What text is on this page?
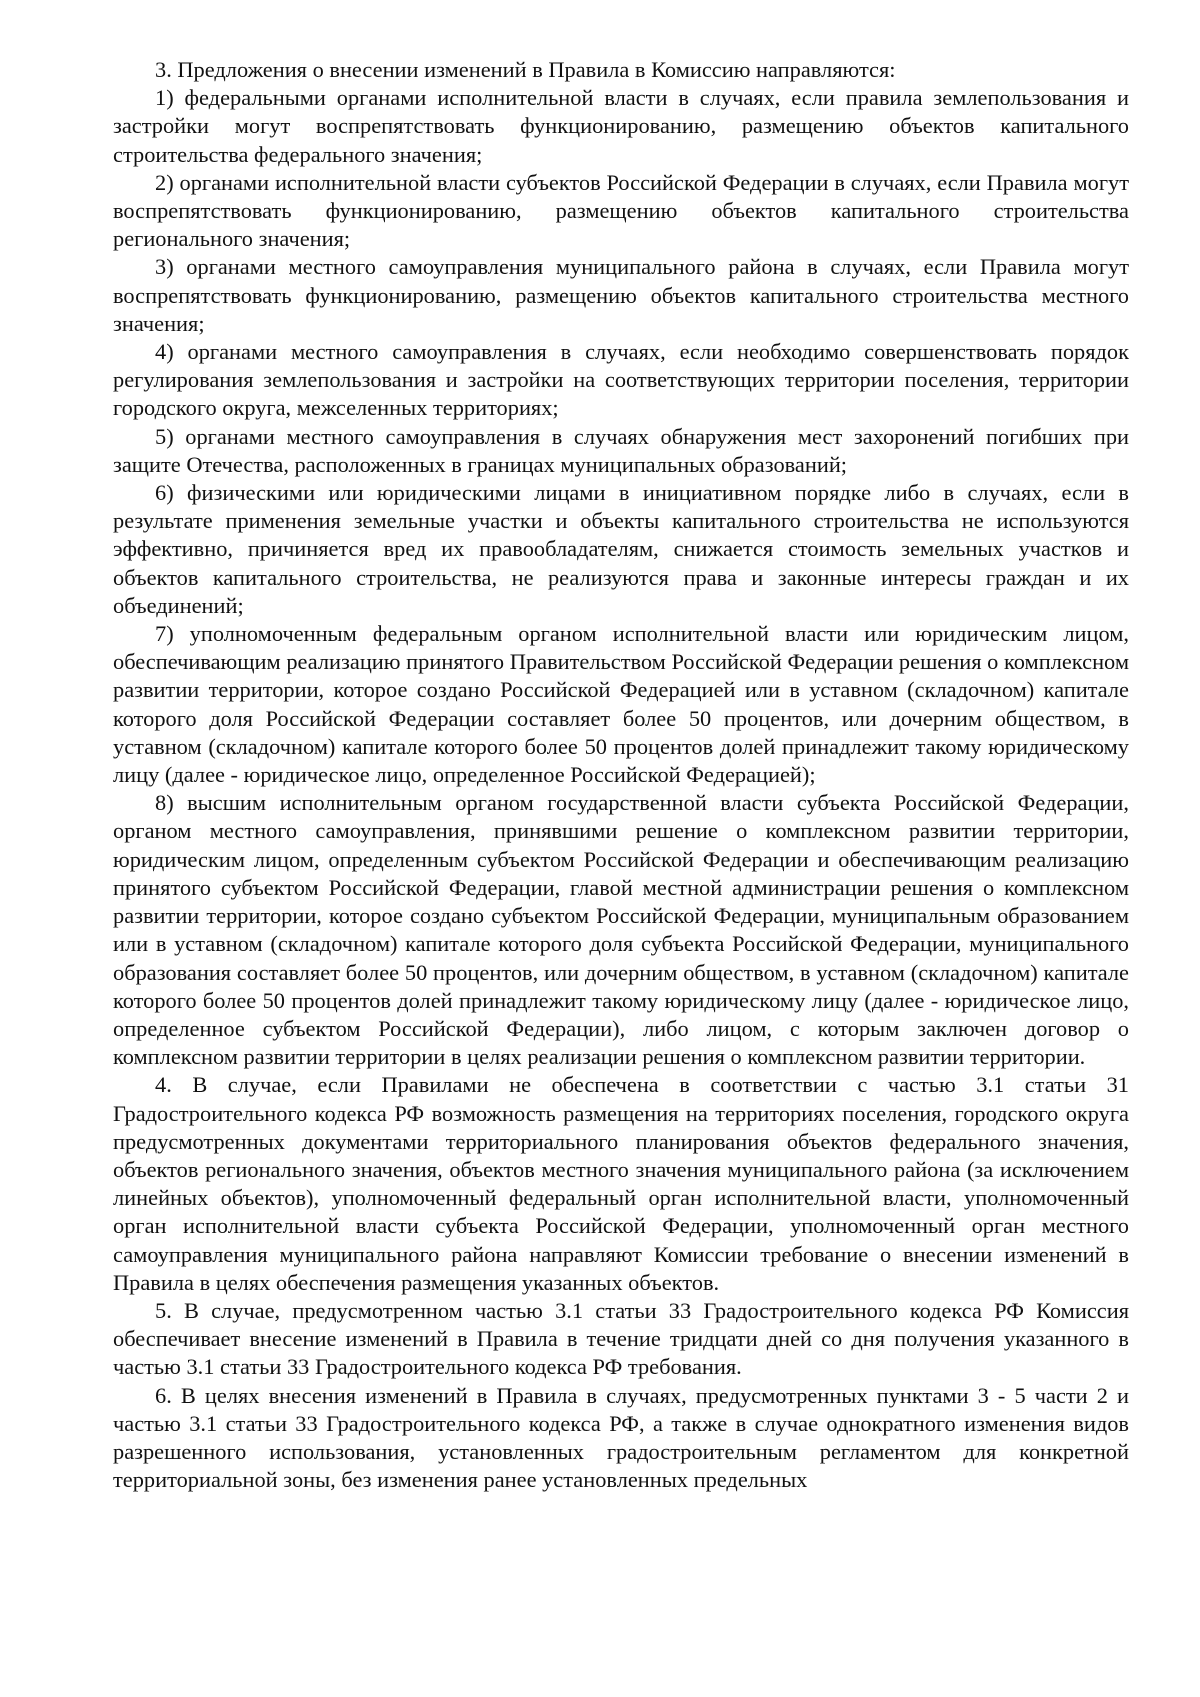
3. Предложения о внесении изменений в Правила в Комиссию направляются:

1) федеральными органами исполнительной власти в случаях, если правила землепользования и застройки могут воспрепятствовать функционированию, размещению объектов капитального строительства федерального значения;

2) органами исполнительной власти субъектов Российской Федерации в случаях, если Правила могут воспрепятствовать функционированию, размещению объектов капитального строительства регионального значения;

3) органами местного самоуправления муниципального района в случаях, если Правила могут воспрепятствовать функционированию, размещению объектов капитального строительства местного значения;

4) органами местного самоуправления в случаях, если необходимо совершенствовать порядок регулирования землепользования и застройки на соответствующих территории поселения, территории городского округа, межселенных территориях;

5) органами местного самоуправления в случаях обнаружения мест захоронений погибших при защите Отечества, расположенных в границах муниципальных образований;

6) физическими или юридическими лицами в инициативном порядке либо в случаях, если в результате применения земельные участки и объекты капитального строительства не используются эффективно, причиняется вред их правообладателям, снижается стоимость земельных участков и объектов капитального строительства, не реализуются права и законные интересы граждан и их объединений;

7) уполномоченным федеральным органом исполнительной власти или юридическим лицом, обеспечивающим реализацию принятого Правительством Российской Федерации решения о комплексном развитии территории, которое создано Российской Федерацией или в уставном (складочном) капитале которого доля Российской Федерации составляет более 50 процентов, или дочерним обществом, в уставном (складочном) капитале которого более 50 процентов долей принадлежит такому юридическому лицу (далее - юридическое лицо, определенное Российской Федерацией);

8) высшим исполнительным органом государственной власти субъекта Российской Федерации, органом местного самоуправления, принявшими решение о комплексном развитии территории, юридическим лицом, определенным субъектом Российской Федерации и обеспечивающим реализацию принятого субъектом Российской Федерации, главой местной администрации решения о комплексном развитии территории, которое создано субъектом Российской Федерации, муниципальным образованием или в уставном (складочном) капитале которого доля субъекта Российской Федерации, муниципального образования составляет более 50 процентов, или дочерним обществом, в уставном (складочном) капитале которого более 50 процентов долей принадлежит такому юридическому лицу (далее - юридическое лицо, определенное субъектом Российской Федерации), либо лицом, с которым заключен договор о комплексном развитии территории в целях реализации решения о комплексном развитии территории.

4. В случае, если Правилами не обеспечена в соответствии с частью 3.1 статьи 31 Градостроительного кодекса РФ возможность размещения на территориях поселения, городского округа предусмотренных документами территориального планирования объектов федерального значения, объектов регионального значения, объектов местного значения муниципального района (за исключением линейных объектов), уполномоченный федеральный орган исполнительной власти, уполномоченный орган исполнительной власти субъекта Российской Федерации, уполномоченный орган местного самоуправления муниципального района направляют Комиссии требование о внесении изменений в Правила в целях обеспечения размещения указанных объектов.

5. В случае, предусмотренном частью 3.1 статьи 33 Градостроительного кодекса РФ Комиссия обеспечивает внесение изменений в Правила в течение тридцати дней со дня получения указанного в частью 3.1 статьи 33 Градостроительного кодекса РФ требования.

6. В целях внесения изменений в Правила в случаях, предусмотренных пунктами 3 - 5 части 2 и частью 3.1 статьи 33 Градостроительного кодекса РФ, а также в случае однократного изменения видов разрешенного использования, установленных градостроительным регламентом для конкретной территориальной зоны, без изменения ранее установленных предельных
